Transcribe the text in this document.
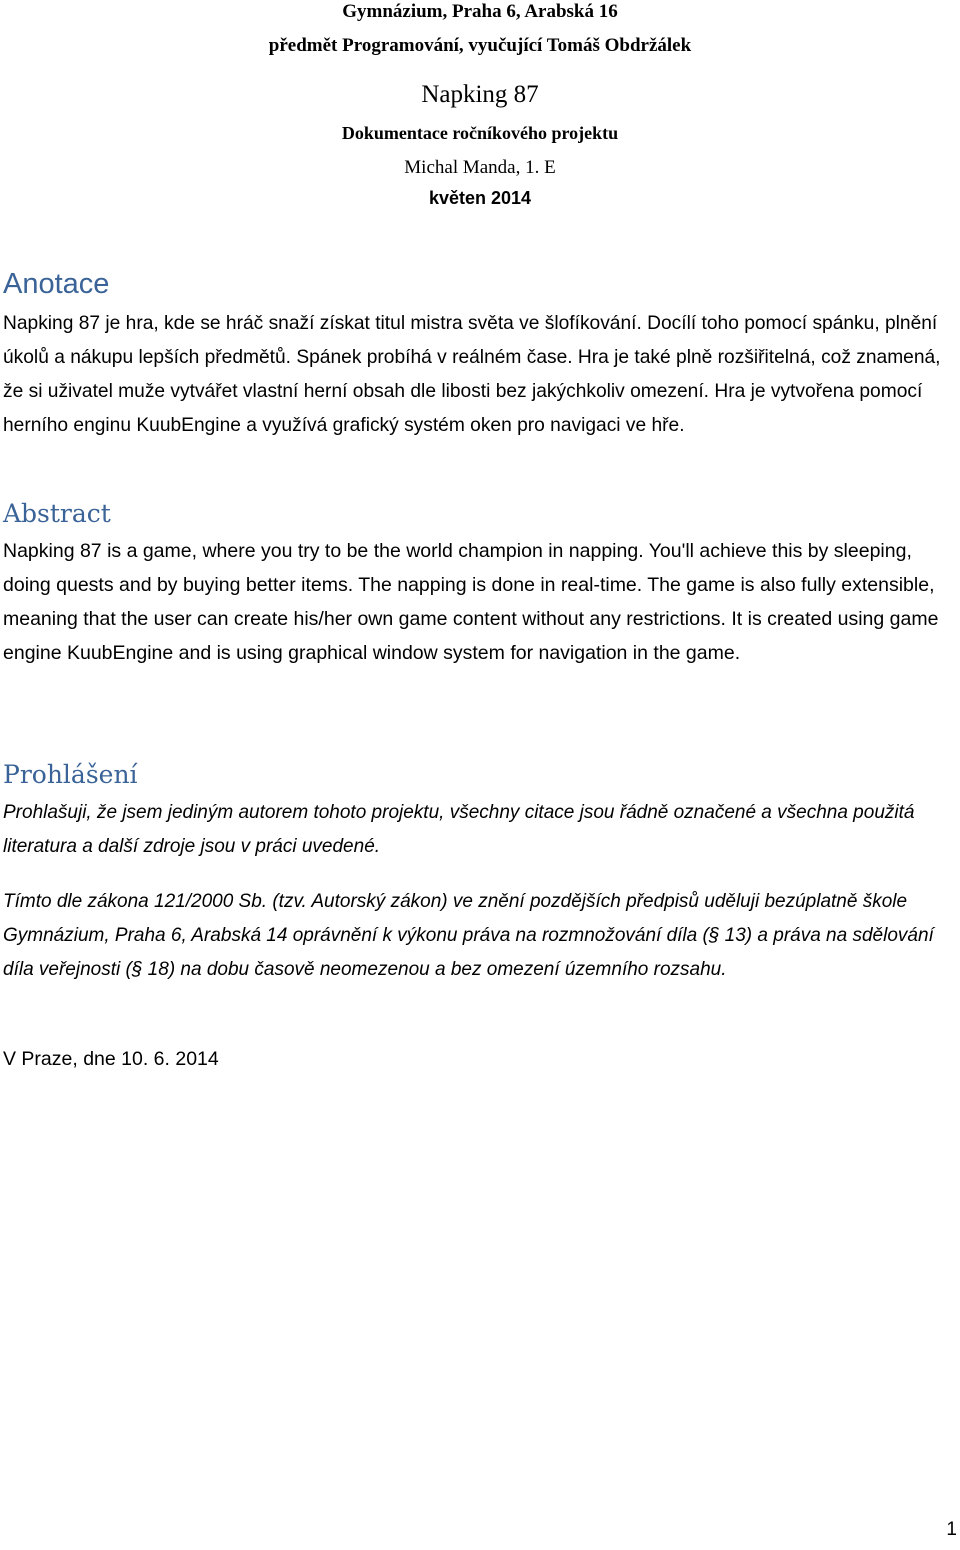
Gymnázium, Praha 6, Arabská 16

předmět Programování, vyučující Tomáš Obdržálek

Napking 87

Dokumentace ročníkového projektu

Michal Manda, 1. E

květen 2014

Anotace

Napking 87 je hra, kde se hráč snaží získat titul mistra světa ve šlofíkování. Docílí toho pomocí spánku, plnění úkolů a nákupu lepších předmětů. Spánek probíhá v reálném čase. Hra je také plně rozšiřitelná, což znamená, že si uživatel muže vytvářet vlastní herní obsah dle libosti bez jakýchkoliv omezení. Hra je vytvořena pomocí herního enginu KuubEngine a využívá grafický systém oken pro navigaci ve hře.

Abstract

Napking 87 is a game, where you try to be the world champion in napping. You'll achieve this by sleeping, doing quests and by buying better items. The napping is done in real-time. The game is also fully extensible, meaning that the user can create his/her own game content without any restrictions. It is created using game engine KuubEngine and is using graphical window system for navigation in the game.

Prohlášení

Prohlašuji, že jsem jediným autorem tohoto projektu, všechny citace jsou řádně označené a všechna použitá literatura a další zdroje jsou v práci uvedené.

Tímto dle zákona 121/2000 Sb. (tzv. Autorský zákon) ve znění pozdějších předpisů uděluji bezúplatně škole Gymnázium, Praha 6, Arabská 14 oprávnění k výkonu práva na rozmnožování díla (§ 13) a práva na sdělování díla veřejnosti (§ 18) na dobu časově neomezenou a bez omezení územního rozsahu.

V Praze, dne 10. 6. 2014

1
